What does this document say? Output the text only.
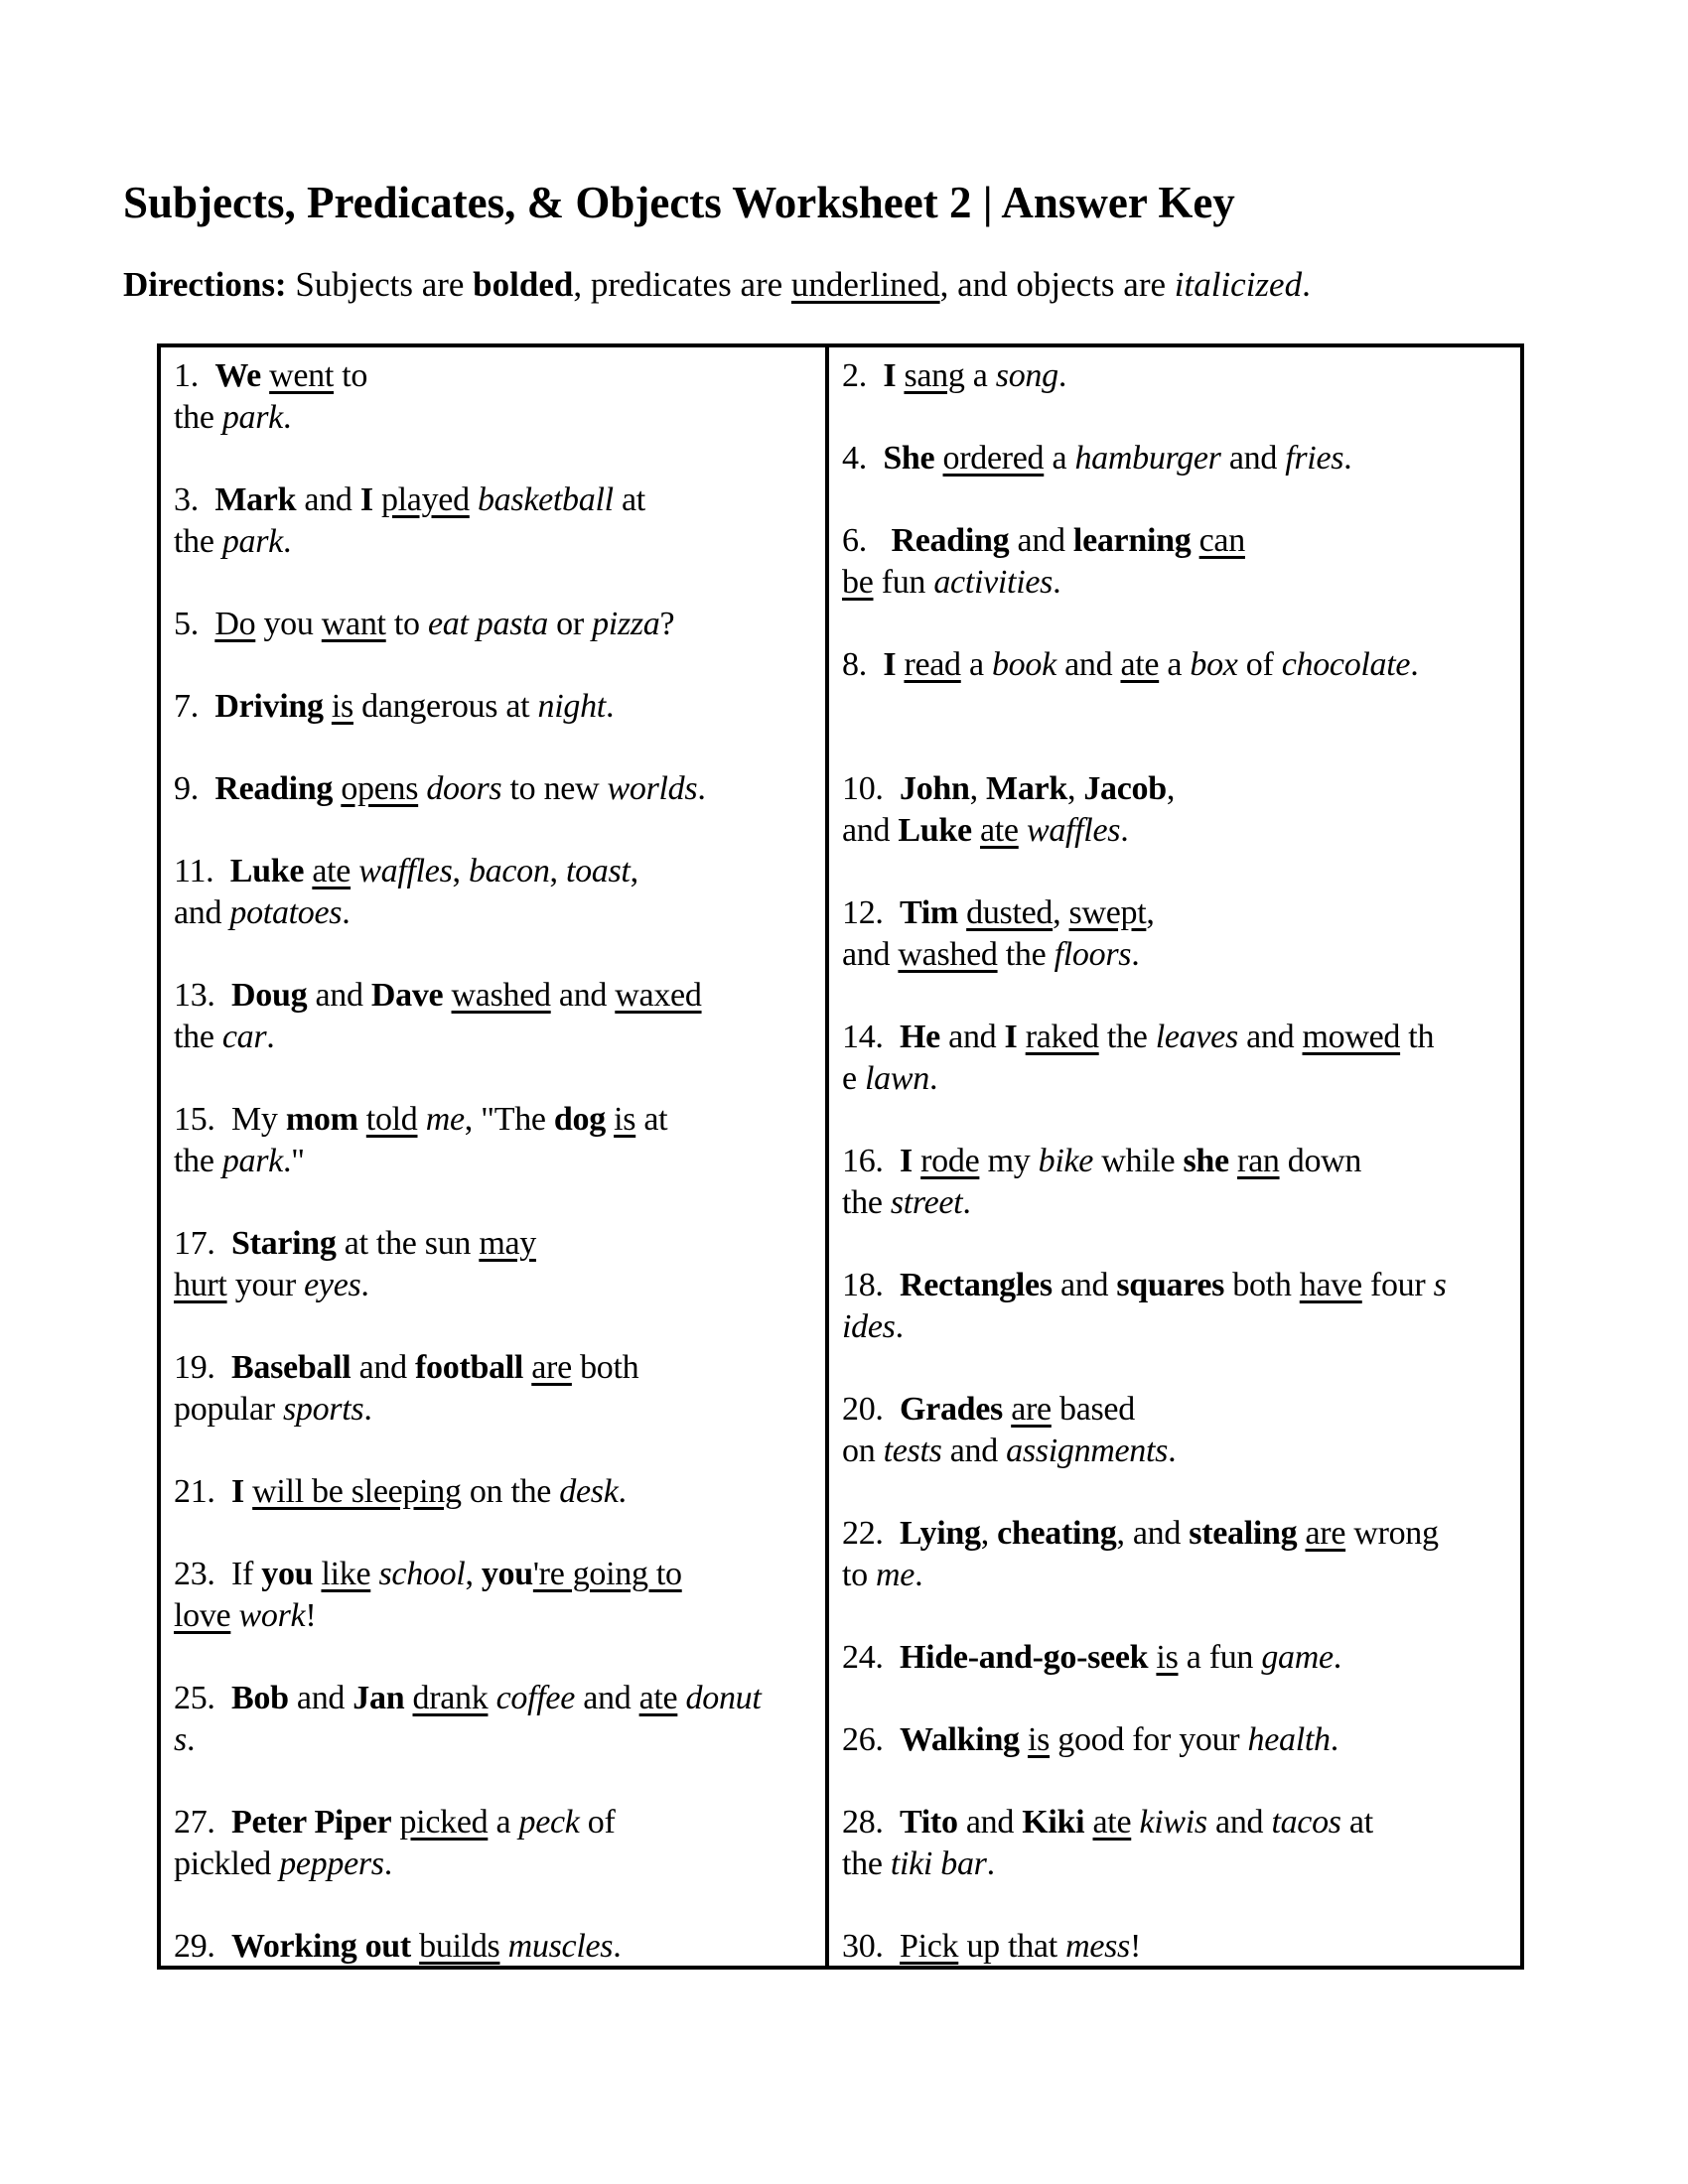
Subjects, Predicates, & Objects Worksheet 2 | Answer Key

Directions: Subjects are bolded, predicates are underlined, and objects are italicized.

1.  We went to
the park.

3.  Mark and I played basketball at
the park.

5.  Do you want to eat pasta or pizza?

7.  Driving is dangerous at night.

9.  Reading opens doors to new worlds.

11.  Luke ate waffles, bacon, toast,
and potatoes.

13.  Doug and Dave washed and waxed
the car.

15.  My mom told me, "The dog is at
the park."

17.  Staring at the sun may
hurt your eyes.

19.  Baseball and football are both
popular sports.

21.  I will be sleeping on the desk.

23.  If you like school, you're going to
love work!

25.  Bob and Jan drank coffee and ate donut
s.

27.  Peter Piper picked a peck of
pickled peppers.

29.  Working out builds muscles.

2.  I sang a song.

4.  She ordered a hamburger and fries.

6.   Reading and learning can
be fun activities.

8.  I read a book and ate a box of chocolate.

10.  John, Mark, Jacob,
and Luke ate waffles.

12.  Tim dusted, swept,
and washed the floors.

14.  He and I raked the leaves and mowed th
e lawn.

16.  I rode my bike while she ran down
the street.

18.  Rectangles and squares both have four s
ides.

20.  Grades are based
on tests and assignments.

22.  Lying, cheating, and stealing are wrong
to me.

24.  Hide-and-go-seek is a fun game.

26.  Walking is good for your health.

28.  Tito and Kiki ate kiwis and tacos at
the tiki bar.

30.  Pick up that mess!
